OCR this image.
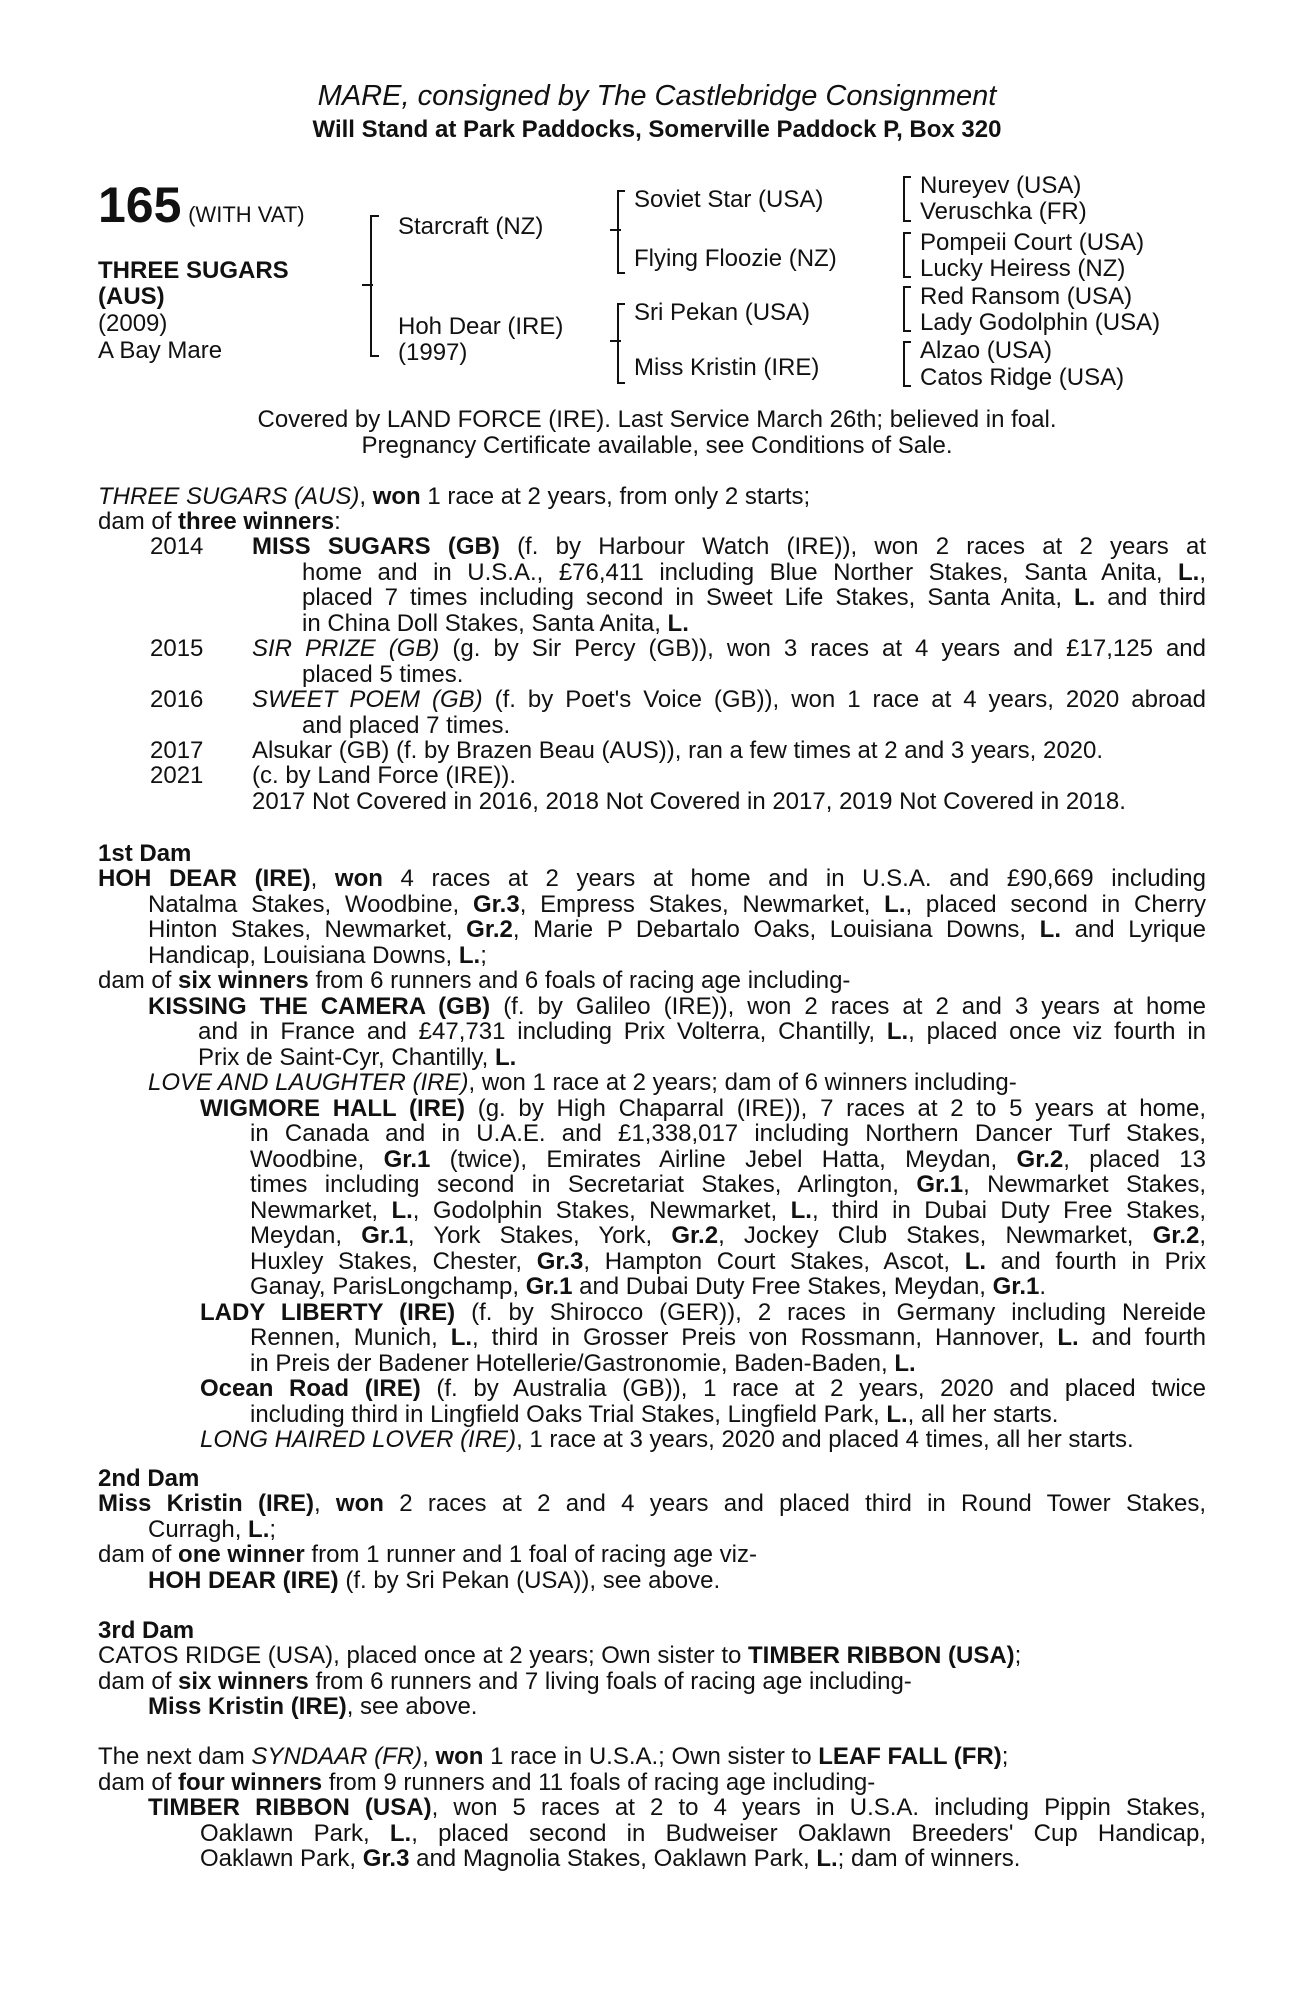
MARE, consigned by The Castlebridge Consignment
Will Stand at Park Paddocks, Somerville Paddock P, Box 320
165 (WITH VAT)
THREE SUGARS
(AUS)
(2009)
A Bay Mare
Starcraft (NZ)
Hoh Dear (IRE)
(1997)
Soviet Star (USA)
Flying Floozie (NZ)
Sri Pekan (USA)
Miss Kristin (IRE)
Nureyev (USA)
Veruschka (FR)
Pompeii Court (USA)
Lucky Heiress (NZ)
Red Ransom (USA)
Lady Godolphin (USA)
Alzao (USA)
Catos Ridge (USA)
Covered by LAND FORCE (IRE). Last Service March 26th; believed in foal.
Pregnancy Certificate available, see Conditions of Sale.
THREE SUGARS (AUS), won 1 race at 2 years, from only 2 starts;
dam of three winners:
2014 MISS SUGARS (GB) (f. by Harbour Watch (IRE)), won 2 races at 2 years at
home and in U.S.A., £76,411 including Blue Norther Stakes, Santa Anita, L.,
placed 7 times including second in Sweet Life Stakes, Santa Anita, L. and third
in China Doll Stakes, Santa Anita, L.
2015 SIR PRIZE (GB) (g. by Sir Percy (GB)), won 3 races at 4 years and £17,125 and
placed 5 times.
2016 SWEET POEM (GB) (f. by Poet's Voice (GB)), won 1 race at 4 years, 2020 abroad
and placed 7 times.
2017 Alsukar (GB) (f. by Brazen Beau (AUS)), ran a few times at 2 and 3 years, 2020.
2021 (c. by Land Force (IRE)).
2017 Not Covered in 2016, 2018 Not Covered in 2017, 2019 Not Covered in 2018.
1st Dam
HOH DEAR (IRE), won 4 races at 2 years at home and in U.S.A. and £90,669 including
Natalma Stakes, Woodbine, Gr.3, Empress Stakes, Newmarket, L., placed second in Cherry
Hinton Stakes, Newmarket, Gr.2, Marie P Debartalo Oaks, Louisiana Downs, L. and Lyrique
Handicap, Louisiana Downs, L.;
dam of six winners from 6 runners and 6 foals of racing age including-
KISSING THE CAMERA (GB) (f. by Galileo (IRE)), won 2 races at 2 and 3 years at home
and in France and £47,731 including Prix Volterra, Chantilly, L., placed once viz fourth in
Prix de Saint-Cyr, Chantilly, L.
LOVE AND LAUGHTER (IRE), won 1 race at 2 years; dam of 6 winners including-
WIGMORE HALL (IRE) (g. by High Chaparral (IRE)), 7 races at 2 to 5 years at home,
in Canada and in U.A.E. and £1,338,017 including Northern Dancer Turf Stakes,
Woodbine, Gr.1 (twice), Emirates Airline Jebel Hatta, Meydan, Gr.2, placed 13
times including second in Secretariat Stakes, Arlington, Gr.1, Newmarket Stakes,
Newmarket, L., Godolphin Stakes, Newmarket, L., third in Dubai Duty Free Stakes,
Meydan, Gr.1, York Stakes, York, Gr.2, Jockey Club Stakes, Newmarket, Gr.2,
Huxley Stakes, Chester, Gr.3, Hampton Court Stakes, Ascot, L. and fourth in Prix
Ganay, ParisLongchamp, Gr.1 and Dubai Duty Free Stakes, Meydan, Gr.1.
LADY LIBERTY (IRE) (f. by Shirocco (GER)), 2 races in Germany including Nereide
Rennen, Munich, L., third in Grosser Preis von Rossmann, Hannover, L. and fourth
in Preis der Badener Hotellerie/Gastronomie, Baden-Baden, L.
Ocean Road (IRE) (f. by Australia (GB)), 1 race at 2 years, 2020 and placed twice
including third in Lingfield Oaks Trial Stakes, Lingfield Park, L., all her starts.
LONG HAIRED LOVER (IRE), 1 race at 3 years, 2020 and placed 4 times, all her starts.
2nd Dam
Miss Kristin (IRE), won 2 races at 2 and 4 years and placed third in Round Tower Stakes,
Curragh, L.;
dam of one winner from 1 runner and 1 foal of racing age viz-
HOH DEAR (IRE) (f. by Sri Pekan (USA)), see above.
3rd Dam
CATOS RIDGE (USA), placed once at 2 years; Own sister to TIMBER RIBBON (USA);
dam of six winners from 6 runners and 7 living foals of racing age including-
Miss Kristin (IRE), see above.
The next dam SYNDAAR (FR), won 1 race in U.S.A.; Own sister to LEAF FALL (FR);
dam of four winners from 9 runners and 11 foals of racing age including-
TIMBER RIBBON (USA), won 5 races at 2 to 4 years in U.S.A. including Pippin Stakes,
Oaklawn Park, L., placed second in Budweiser Oaklawn Breeders' Cup Handicap,
Oaklawn Park, Gr.3 and Magnolia Stakes, Oaklawn Park, L.; dam of winners.
